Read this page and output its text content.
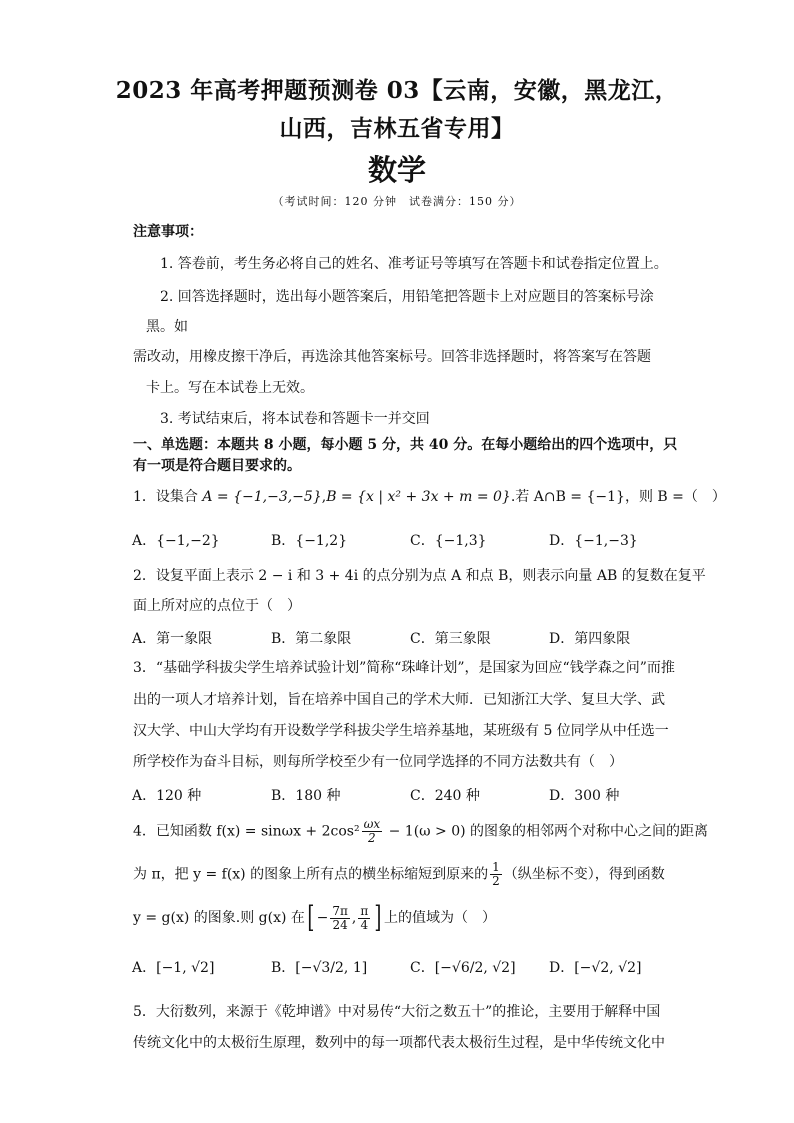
2023 年高考押题预测卷 03【云南，安徽，黑龙江，
山西，吉林五省专用】
数学
（考试时间：120 分钟　试卷满分：150 分）
注意事项：
1. 答卷前，考生务必将自己的姓名、准考证号等填写在答题卡和试卷指定位置上。
2. 回答选择题时，选出每小题答案后，用铅笔把答题卡上对应题目的答案标号涂
黑。如
需改动，用橡皮擦干净后，再选涂其他答案标号。回答非选择题时，将答案写在答题
卡上。写在本试卷上无效。
3. 考试结束后，将本试卷和答题卡一并交回
一、单选题：本题共 8 小题，每小题 5 分，共 40 分。在每小题给出的四个选项中，只
有一项是符合题目要求的。
1．设集合 A = {−1,−3,−5},B = {x | x² + 3x + m = 0}.若 A∩B = {−1}，则 B =（　）
A．{−1,−2}	B．{−1,2}	C．{−1,3}	D．{−1,−3}
2．设复平面上表示 2 − i 和 3 + 4i 的点分别为点 A 和点 B，则表示向量 AB 的复数在复平
面上所对应的点位于（　）
A．第一象限	B．第二象限	C．第三象限	D．第四象限
3．“基础学科拔尖学生培养试验计划”简称“珠峰计划”，是国家为回应“钱学森之问”而推
出的一项人才培养计划，旨在培养中国自己的学术大师．已知浙江大学、复旦大学、武
汉大学、中山大学均有开设数学学科拔尖学生培养基地，某班级有 5 位同学从中任选一
所学校作为奋斗目标，则每所学校至少有一位同学选择的不同方法数共有（　）
A．120 种	B．180 种	C．240 种	D．300 种
4．已知函数 $f(x) = \sin\omega x + 2\cos^2 \frac{\omega x}{2} - 1(\omega > 0)$ 的图象的相邻两个对称中心之间的距离
为 π，把 y = f(x) 的图象上所有点的横坐标缩短到原来的 $\frac{1}{2}$ （纵坐标不变），得到函数
y = g(x) 的图象.则 g(x) 在[ − $\frac{7\pi}{24}$ , $\frac{\pi}{4}$ ] 上的值域为（　）
A．[−1, √2]	B．[−√3/2, 1]	C．[−√6/2, √2] D．[−√2, √2]
5．大衍数列，来源于《乾坤谱》中对易传“大衍之数五十”的推论，主要用于解释中国
传统文化中的太极衍生原理，数列中的每一项都代表太极衍生过程，是中华传统文化中
